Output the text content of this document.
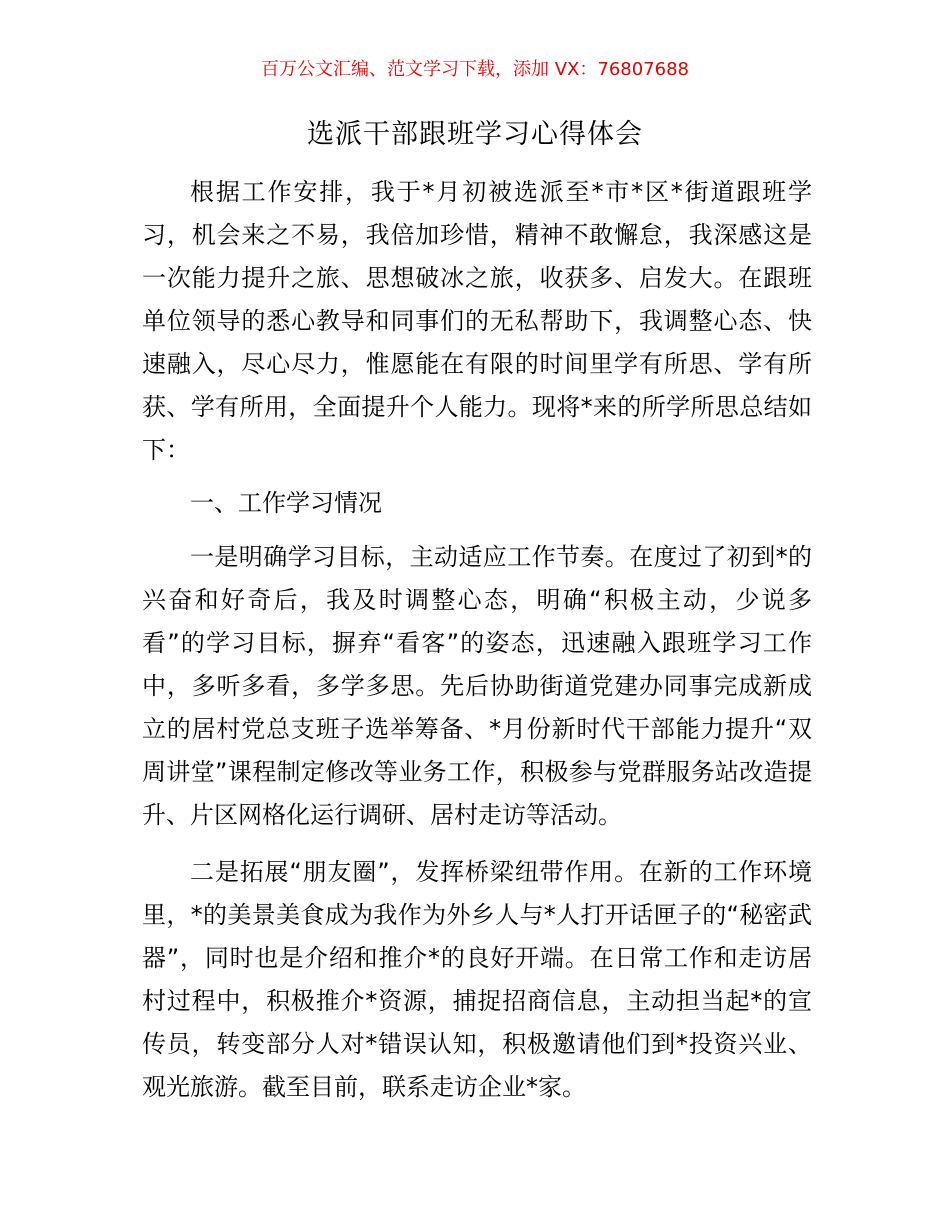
百万公文汇编、范文学习下载，添加 VX：76807688
选派干部跟班学习心得体会

根据工作安排，我于*月初被选派至*市*区*街道跟班学习，机会来之不易，我倍加珍惜，精神不敢懈怠，我深感这是一次能力提升之旅、思想破冰之旅，收获多、启发大。在跟班单位领导的悉心教导和同事们的无私帮助下，我调整心态、快速融入，尽心尽力，惟愿能在有限的时间里学有所思、学有所获、学有所用，全面提升个人能力。现将*来的所学所思总结如下：

一、工作学习情况

一是明确学习目标，主动适应工作节奏。在度过了初到*的兴奋和好奇后，我及时调整心态，明确“积极主动，少说多看”的学习目标，摒弃“看客”的姿态，迅速融入跟班学习工作中，多听多看，多学多思。先后协助街道党建办同事完成新成立的居村党总支班子选举筹备、*月份新时代干部能力提升“双周讲堂”课程制定修改等业务工作，积极参与党群服务站改造提升、片区网格化运行调研、居村走访等活动。

二是拓展“朋友圈”，发挥桥梁纽带作用。在新的工作环境里，*的美景美食成为我作为外乡人与*人打开话匣子的“秘密武器”，同时也是介绍和推介*的良好开端。在日常工作和走访居村过程中，积极推介*资源，捕捉招商信息，主动担当起*的宣传员，转变部分人对*错误认知，积极邀请他们到*投资兴业、观光旅游。截至目前，联系走访企业*家。
